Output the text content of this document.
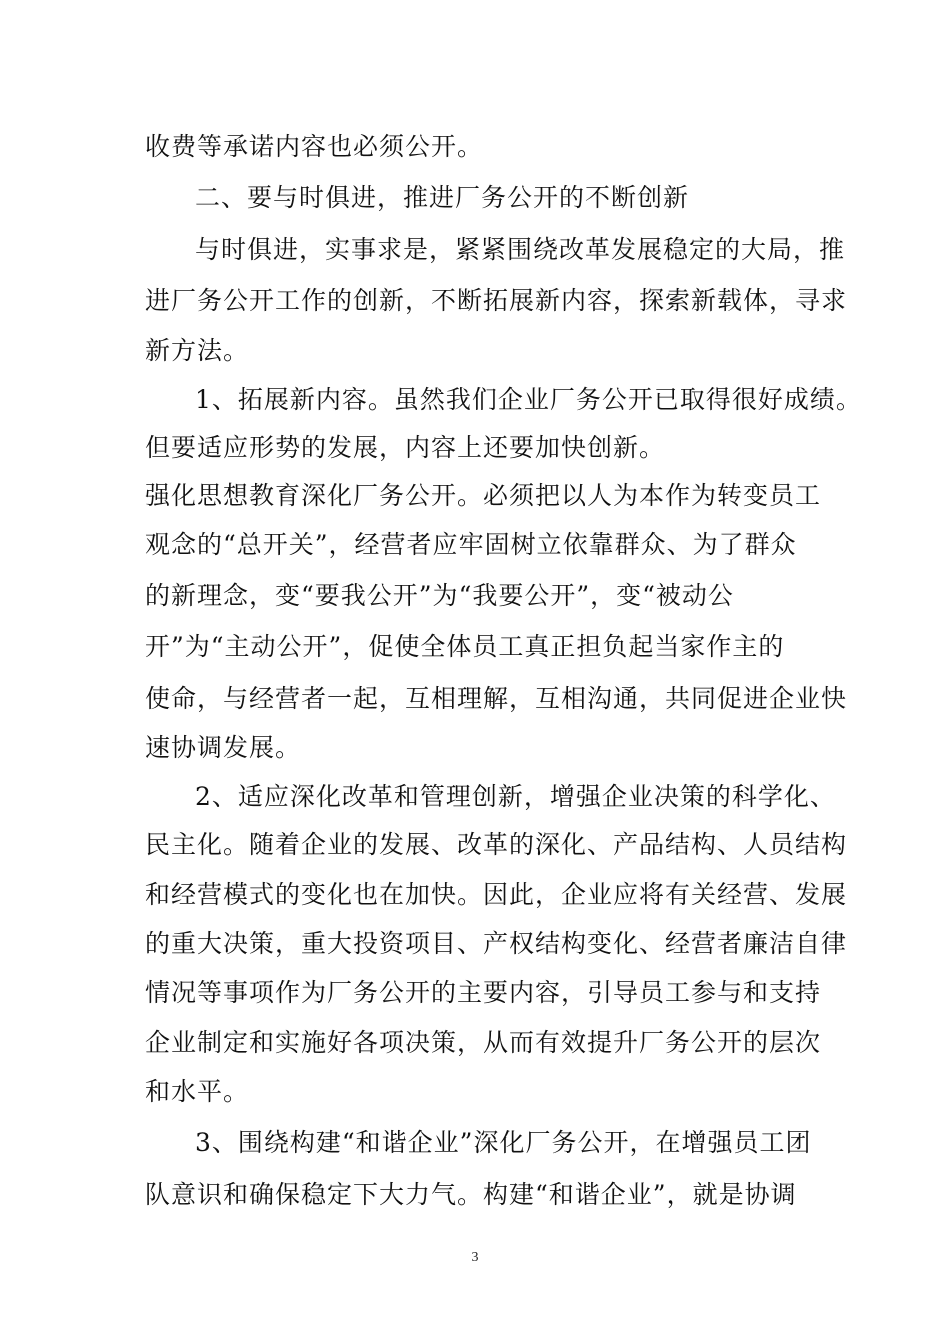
收费等承诺内容也必须公开。
二、要与时俱进，推进厂务公开的不断创新
与时俱进，实事求是，紧紧围绕改革发展稳定的大局，推
进厂务公开工作的创新，不断拓展新内容，探索新载体，寻求
新方法。
1、拓展新内容。虽然我们企业厂务公开已取得很好成绩。
但要适应形势的发展，内容上还要加快创新。
强化思想教育深化厂务公开。必须把以人为本作为转变员工
观念的“总开关”，经营者应牢固树立依靠群众、为了群众
的新理念，变“要我公开”为“我要公开”，变“被动公
开”为“主动公开”，促使全体员工真正担负起当家作主的
使命，与经营者一起，互相理解，互相沟通，共同促进企业快
速协调发展。
2、适应深化改革和管理创新，增强企业决策的科学化、
民主化。随着企业的发展、改革的深化、产品结构、人员结构
和经营模式的变化也在加快。因此，企业应将有关经营、发展
的重大决策，重大投资项目、产权结构变化、经营者廉洁自律
情况等事项作为厂务公开的主要内容，引导员工参与和支持
企业制定和实施好各项决策，从而有效提升厂务公开的层次
和水平。
3、围绕构建“和谐企业”深化厂务公开，在增强员工团
队意识和确保稳定下大力气。构建“和谐企业”，就是协调
3
